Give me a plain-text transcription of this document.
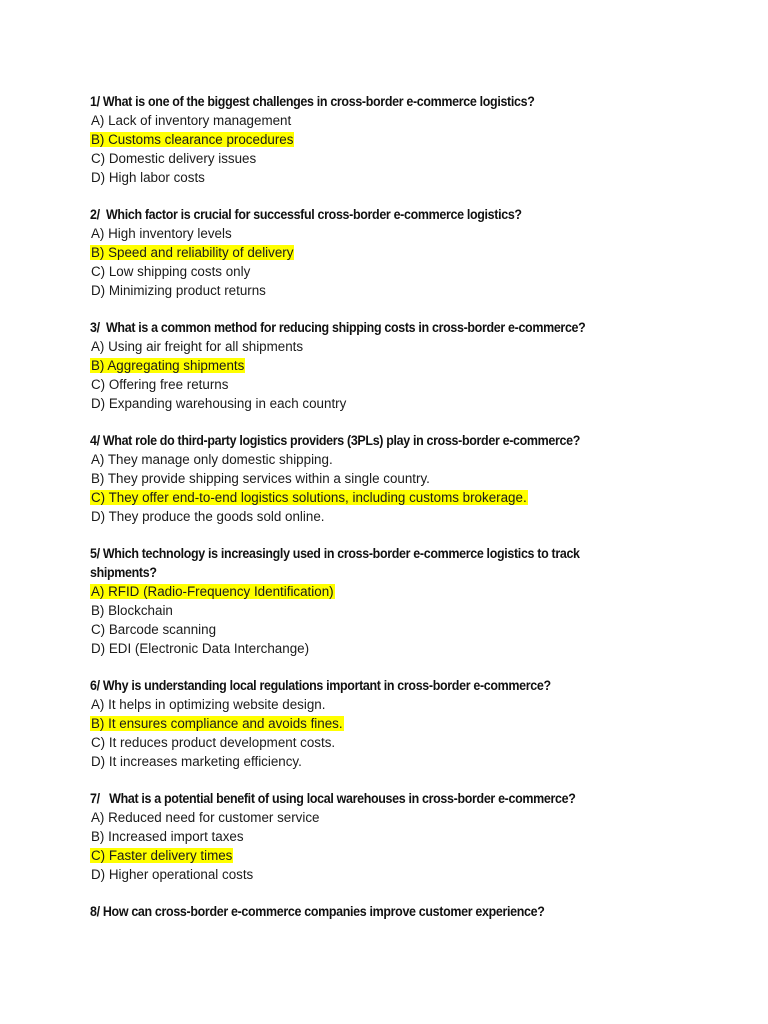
1/ What is one of the biggest challenges in cross-border e-commerce logistics?

A) Lack of inventory management
B) Customs clearance procedures
C) Domestic delivery issues
D) High labor costs

2/  Which factor is crucial for successful cross-border e-commerce logistics?

A) High inventory levels
B) Speed and reliability of delivery
C) Low shipping costs only
D) Minimizing product returns

3/  What is a common method for reducing shipping costs in cross-border e-commerce?

A) Using air freight for all shipments
B) Aggregating shipments
C) Offering free returns
D) Expanding warehousing in each country

4/ What role do third-party logistics providers (3PLs) play in cross-border e-commerce?

A) They manage only domestic shipping.
B) They provide shipping services within a single country.
C) They offer end-to-end logistics solutions, including customs brokerage.
D) They produce the goods sold online.

5/ Which technology is increasingly used in cross-border e-commerce logistics to track
shipments?

A) RFID (Radio-Frequency Identification)
B) Blockchain
C) Barcode scanning
D) EDI (Electronic Data Interchange)

6/ Why is understanding local regulations important in cross-border e-commerce?

A) It helps in optimizing website design.
B) It ensures compliance and avoids fines.
C) It reduces product development costs.
D) It increases marketing efficiency.

7/   What is a potential benefit of using local warehouses in cross-border e-commerce?

A) Reduced need for customer service
B) Increased import taxes
C) Faster delivery times
D) Higher operational costs

8/ How can cross-border e-commerce companies improve customer experience?
